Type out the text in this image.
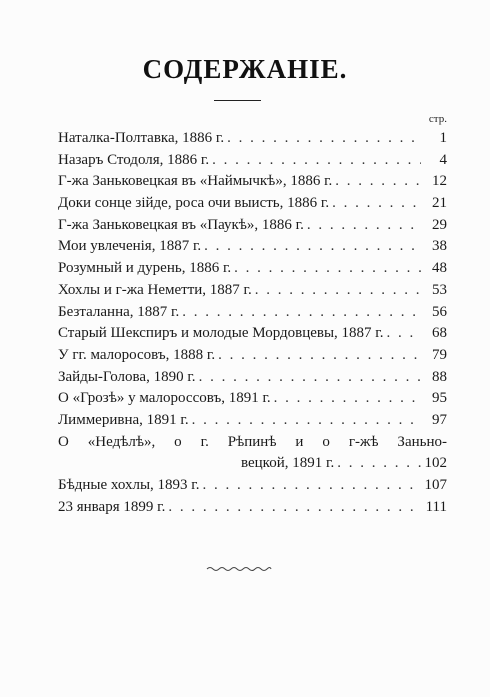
СОДЕРЖАНІЕ.
стр.
Наталка-Полтавка, 1886 г. . . .	1
Назаръ Стодоля, 1886 г. . . .	4
Г-жа Заньковецкая въ «Наймычкѣ», 1886 г. . . .	12
Доки сонце зійде, роса очи выисть, 1886 г. . . .	21
Г-жа Заньковецкая въ «Паукѣ», 1886 г. . . .	29
Мои увлеченія, 1887 г. . . .	38
Розумный и дурень, 1886 г. . . .	48
Хохлы и г-жа Неметти, 1887 г. . . .	53
Безталанна, 1887 г. . . .	56
Старый Шекспиръ и молодые Мордовцевы, 1887 г. . . .	68
У гг. малоросовъ, 1888 г. . . .	79
Зайды-Голова, 1890 г. . . .	88
О «Грозѣ» у малороссовъ, 1891 г. . . .	95
Лиммеривна, 1891 г. . . .	97
О «Недѣлѣ», о г. Рѣпинѣ и о г-жѣ Заньно-
вецкой, 1891 г. . . .	102
Бѣдные хохлы, 1893 г. . . .	107
23 января 1899 г. . . .	111
